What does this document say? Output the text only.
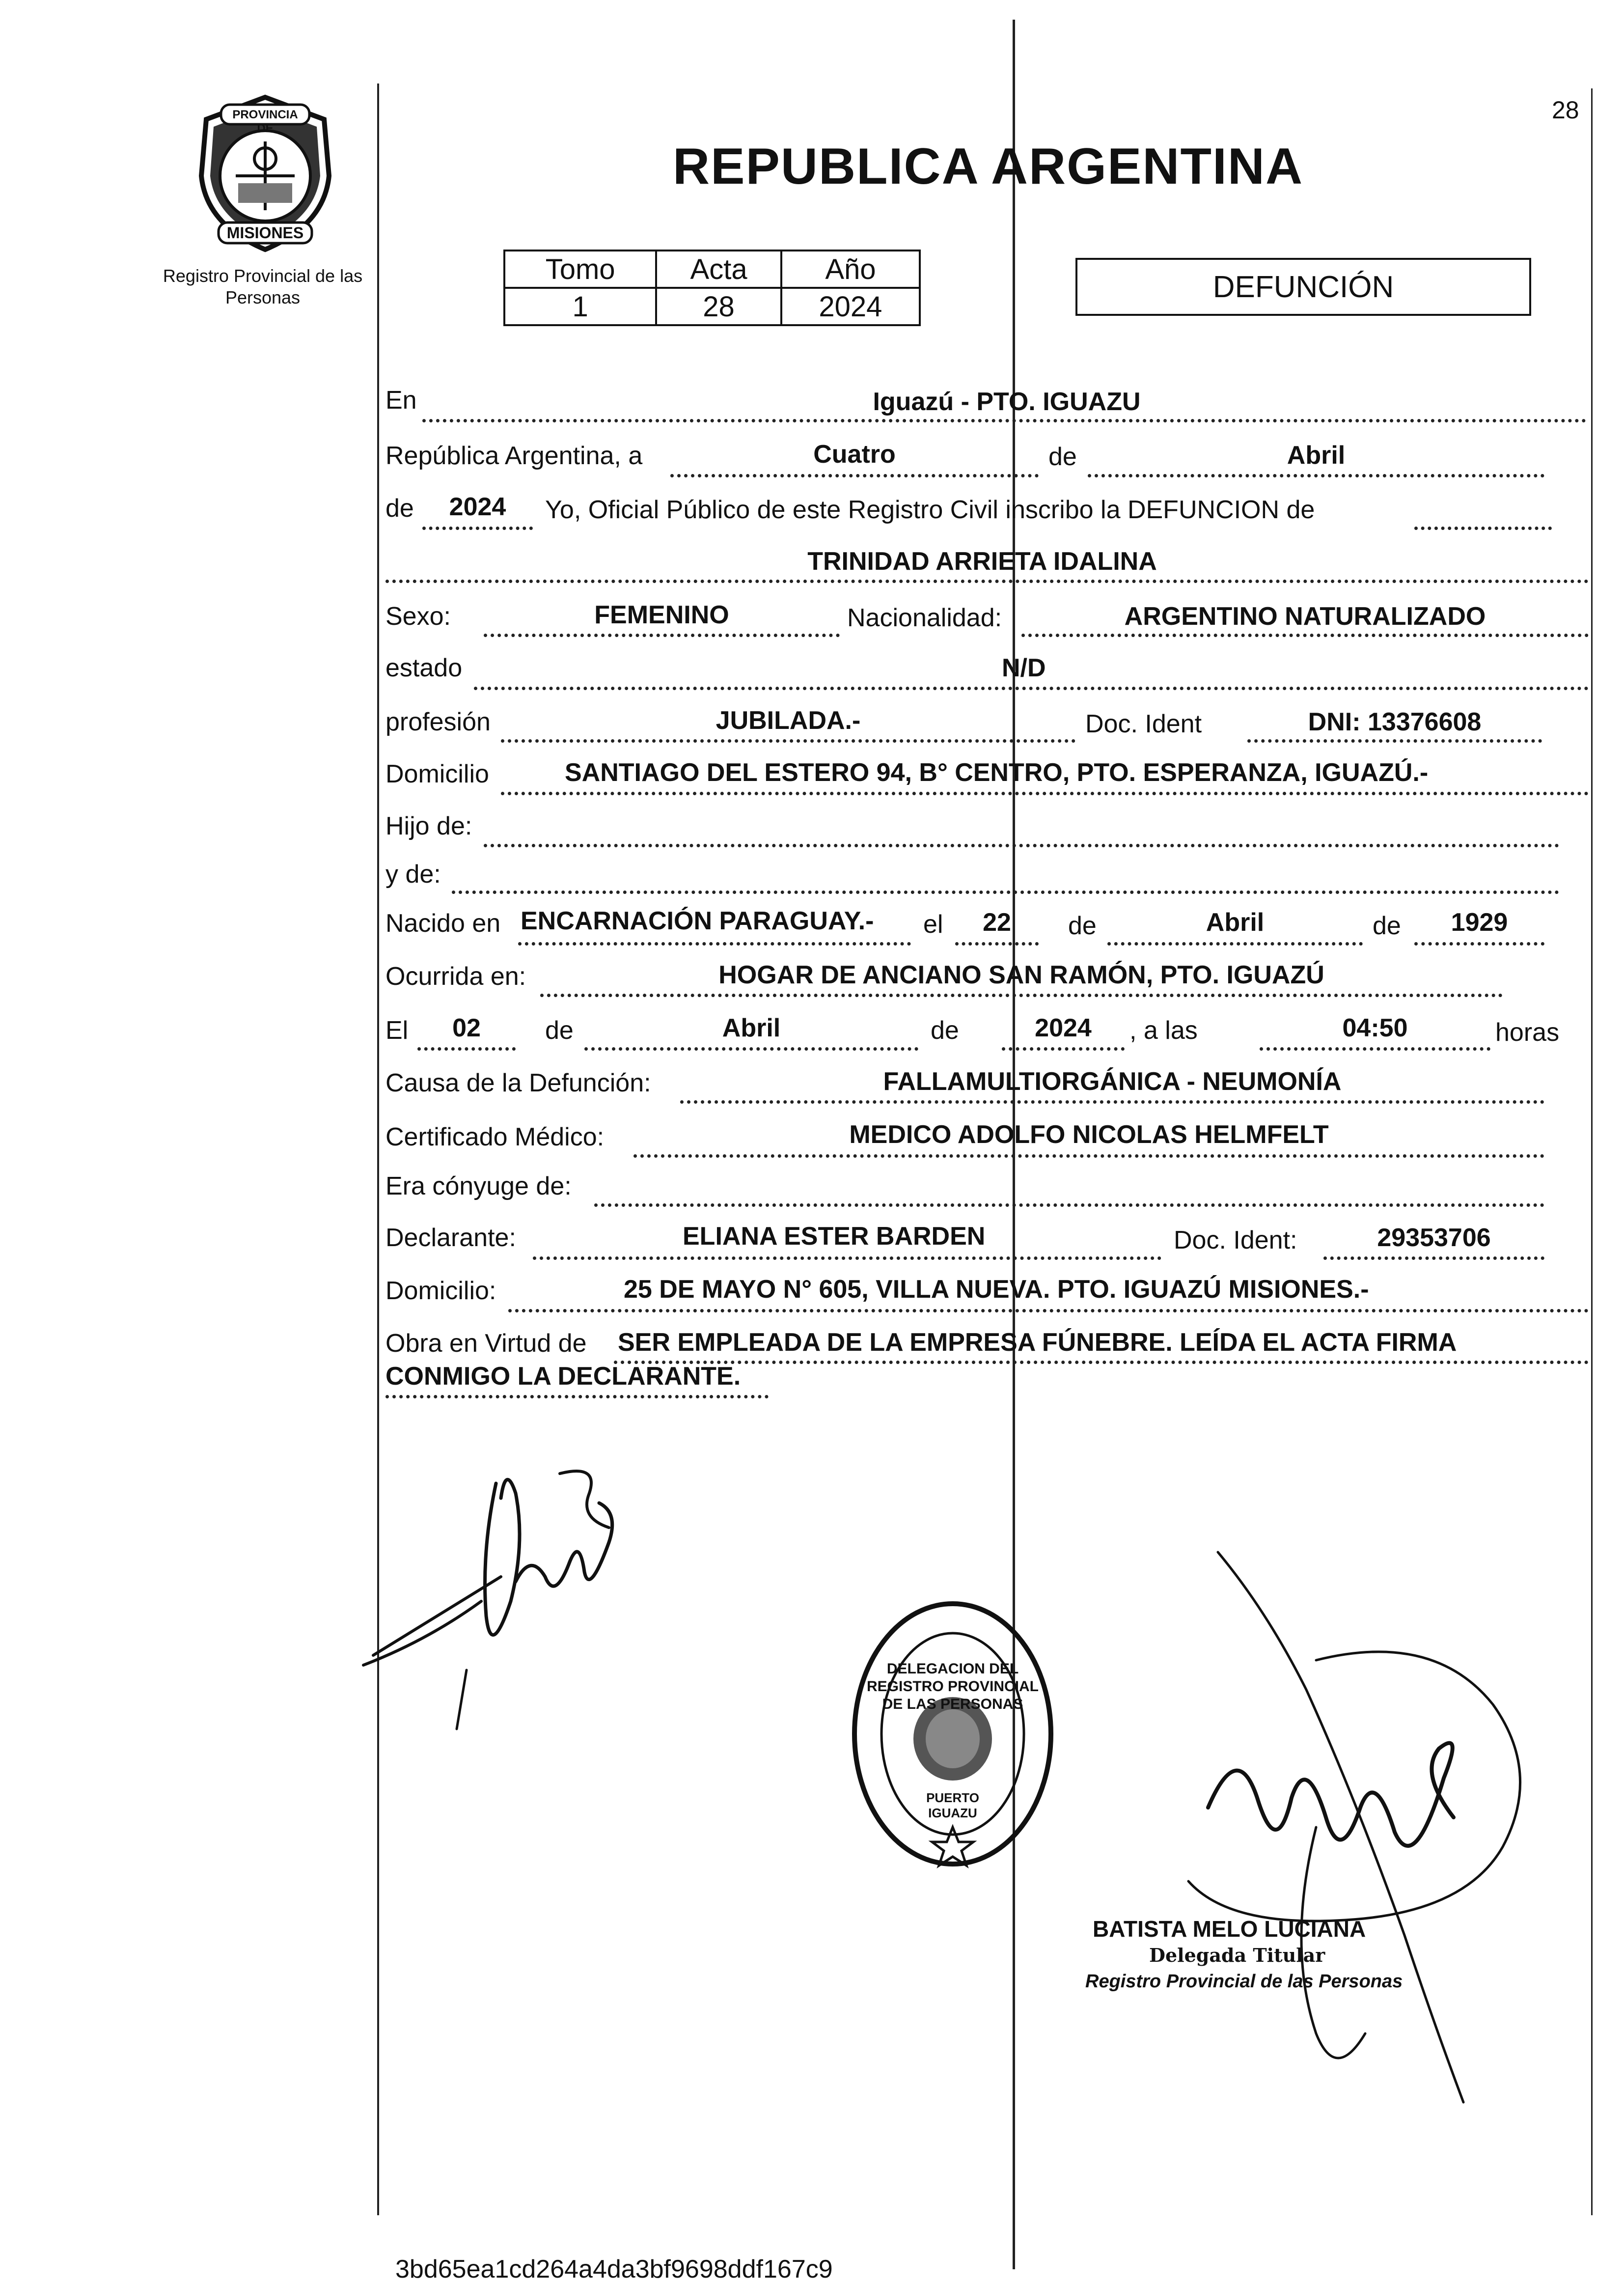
PROVINCIA DE
MISIONES
Registro Provincial de las Personas
28
REPUBLICA ARGENTINA
Tomo	Acta	Año
1	28	2024
DEFUNCIÓN
En	Iguazú - PTO. IGUAZU
República Argentina, a	Cuatro	de	Abril
de	2024	Yo, Oficial Público de este Registro Civil inscribo la DEFUNCION de
TRINIDAD ARRIETA IDALINA
Sexo:	FEMENINO	Nacionalidad:	ARGENTINO NATURALIZADO
estado	N/D
profesión	JUBILADA.-	Doc. Ident	DNI: 13376608
Domicilio	SANTIAGO DEL ESTERO 94, B° CENTRO, PTO. ESPERANZA, IGUAZÚ.-
Hijo de:
y de:
Nacido en ENCARNACIÓN PARAGUAY.- el	22	de	Abril	de	1929
Ocurrida en:	HOGAR DE ANCIANO SAN RAMÓN, PTO. IGUAZÚ
El	02	de	Abril	de	2024	, a las	04:50	horas
Causa de la Defunción:	FALLAMULTIORGÁNICA - NEUMONÍA
Certificado Médico:	MEDICO ADOLFO NICOLAS HELMFELT
Era cónyuge de:
Declarante:	ELIANA ESTER BARDEN	Doc. Ident:	29353706
Domicilio:	25 DE MAYO N° 605, VILLA NUEVA. PTO. IGUAZÚ MISIONES.-
Obra en Virtud de SER EMPLEADA DE LA EMPRESA FÚNEBRE. LEÍDA EL ACTA FIRMA
CONMIGO LA DECLARANTE.
DELEGACION DEL REGISTRO PROVINCIAL DE LAS PERSONAS
PUERTO IGUAZU
BATISTA MELO LUCIANA
Delegada Titular
Registro Provincial de las Personas
3bd65ea1cd264a4da3bf9698ddf167c9
